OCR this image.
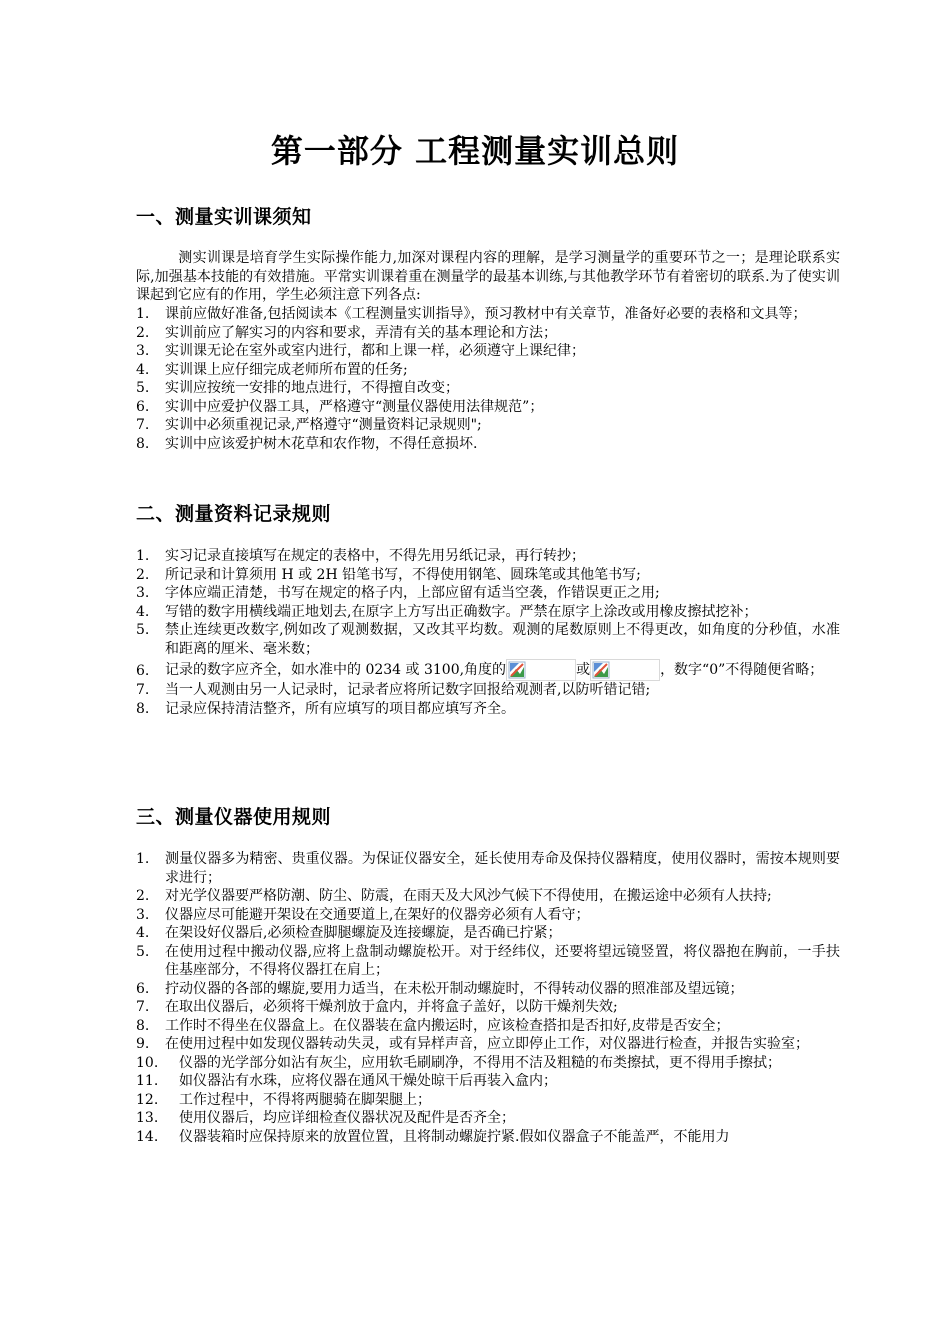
第一部分 工程测量实训总则
一、测量实训课须知
测实训课是培育学生实际操作能力,加深对课程内容的理解，是学习测量学的重要环节之一；是理论联系实际,加强基本技能的有效措施。平常实训课着重在测量学的最基本训练,与其他教学环节有着密切的联系.为了使实训课起到它应有的作用，学生必须注意下列各点:
1. 课前应做好准备,包括阅读本《工程测量实训指导》，预习教材中有关章节，准备好必要的表格和文具等；
2. 实训前应了解实习的内容和要求，弄清有关的基本理论和方法；
3. 实训课无论在室外或室内进行，都和上课一样，必须遵守上课纪律；
4. 实训课上应仔细完成老师所布置的任务;
5. 实训应按统一安排的地点进行，不得擅自改变；
6. 实训中应爱护仪器工具，严格遵守“测量仪器使用法律规范”；
7. 实训中必须重视记录,严格遵守“测量资料记录规则";
8. 实训中应该爱护树木花草和农作物，不得任意损坏.
二、测量资料记录规则
1. 实习记录直接填写在规定的表格中，不得先用另纸记录，再行转抄；
2. 所记录和计算须用 H 或 2H 铅笔书写，不得使用钢笔、圆珠笔或其他笔书写;
3. 字体应端正清楚，书写在规定的格子内，上部应留有适当空袭，作错误更正之用;
4. 写错的数字用横线端正地划去,在原字上方写出正确数字。严禁在原字上涂改或用橡皮擦拭挖补；
5. 禁止连续更改数字,例如改了观测数据，又改其平均数。观测的尾数原则上不得更改，如角度的分秒值，水准和距离的厘米、毫米数；
6. 记录的数字应齐全，如水准中的 0234 或 3100,角度的	或	，数字“0”不得随便省略；
7. 当一人观测由另一人记录时，记录者应将所记数字回报给观测者,以防听错记错;
8. 记录应保持清洁整齐，所有应填写的项目都应填写齐全。
三、测量仪器使用规则
1. 测量仪器多为精密、贵重仪器。为保证仪器安全，延长使用寿命及保持仪器精度，使用仪器时，需按本规则要求进行；
2. 对光学仪器要严格防潮、防尘、防震，在雨天及大风沙气候下不得使用，在搬运途中必须有人扶持;
3. 仪器应尽可能避开架设在交通要道上,在架好的仪器旁必须有人看守；
4. 在架设好仪器后,必须检查脚腿螺旋及连接螺旋，是否确已拧紧；
5. 在使用过程中搬动仪器,应将上盘制动螺旋松开。对于经纬仪，还要将望远镜竖置，将仪器抱在胸前，一手扶住基座部分，不得将仪器扛在肩上；
6. 拧动仪器的各部的螺旋,要用力适当，在未松开制动螺旋时，不得转动仪器的照准部及望远镜；
7. 在取出仪器后，必须将干燥剂放于盒内，并将盒子盖好，以防干燥剂失效;
8. 工作时不得坐在仪器盒上。在仪器装在盒内搬运时，应该检查搭扣是否扣好,皮带是否安全；
9. 在使用过程中如发现仪器转动失灵，或有异样声音，应立即停止工作，对仪器进行检查，并报告实验室；
10. 仪器的光学部分如沾有灰尘，应用软毛刷刷净，不得用不洁及粗糙的布类擦拭，更不得用手擦拭；
11. 如仪器沾有水珠，应将仪器在通风干燥处晾干后再装入盒内；
12. 工作过程中，不得将两腿骑在脚架腿上；
13. 使用仪器后，均应详细检查仪器状况及配件是否齐全；
14. 仪器装箱时应保持原来的放置位置，且将制动螺旋拧紧.假如仪器盒子不能盖严，不能用力
